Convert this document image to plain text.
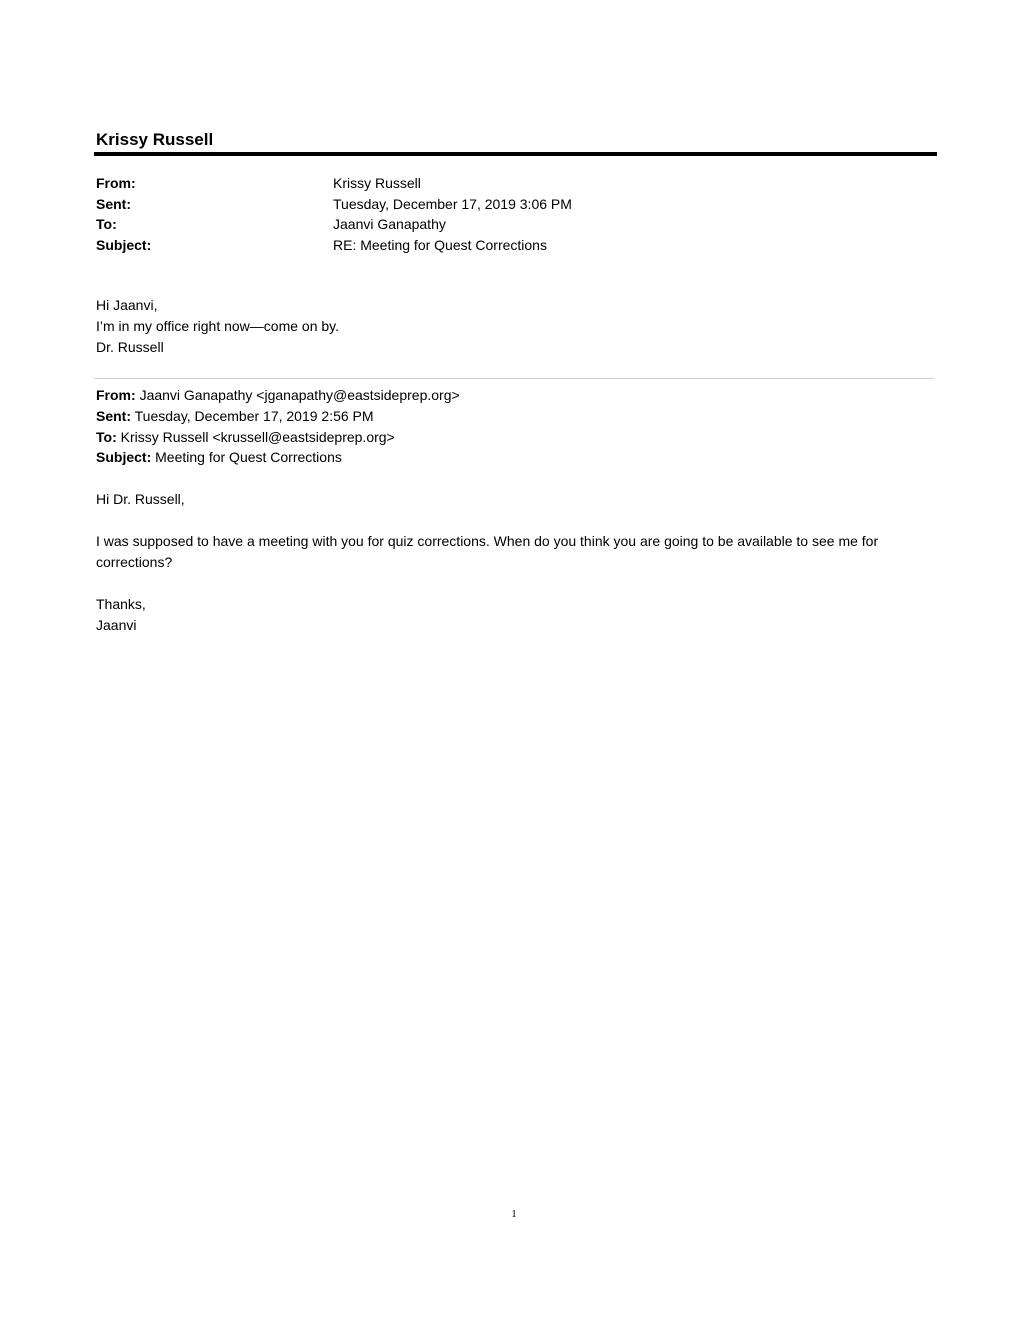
Krissy Russell
From:	Krissy Russell
Sent:	Tuesday, December 17, 2019 3:06 PM
To:	Jaanvi Ganapathy
Subject:	RE: Meeting for Quest Corrections
Hi Jaanvi,
I’m in my office right now—come on by.
Dr. Russell
From: Jaanvi Ganapathy <jganapathy@eastsideprep.org>
Sent: Tuesday, December 17, 2019 2:56 PM
To: Krissy Russell <krussell@eastsideprep.org>
Subject: Meeting for Quest Corrections

Hi Dr. Russell,

I was supposed to have a meeting with you for quiz corrections. When do you think you are going to be available to see me for corrections?

Thanks,
Jaanvi
1
